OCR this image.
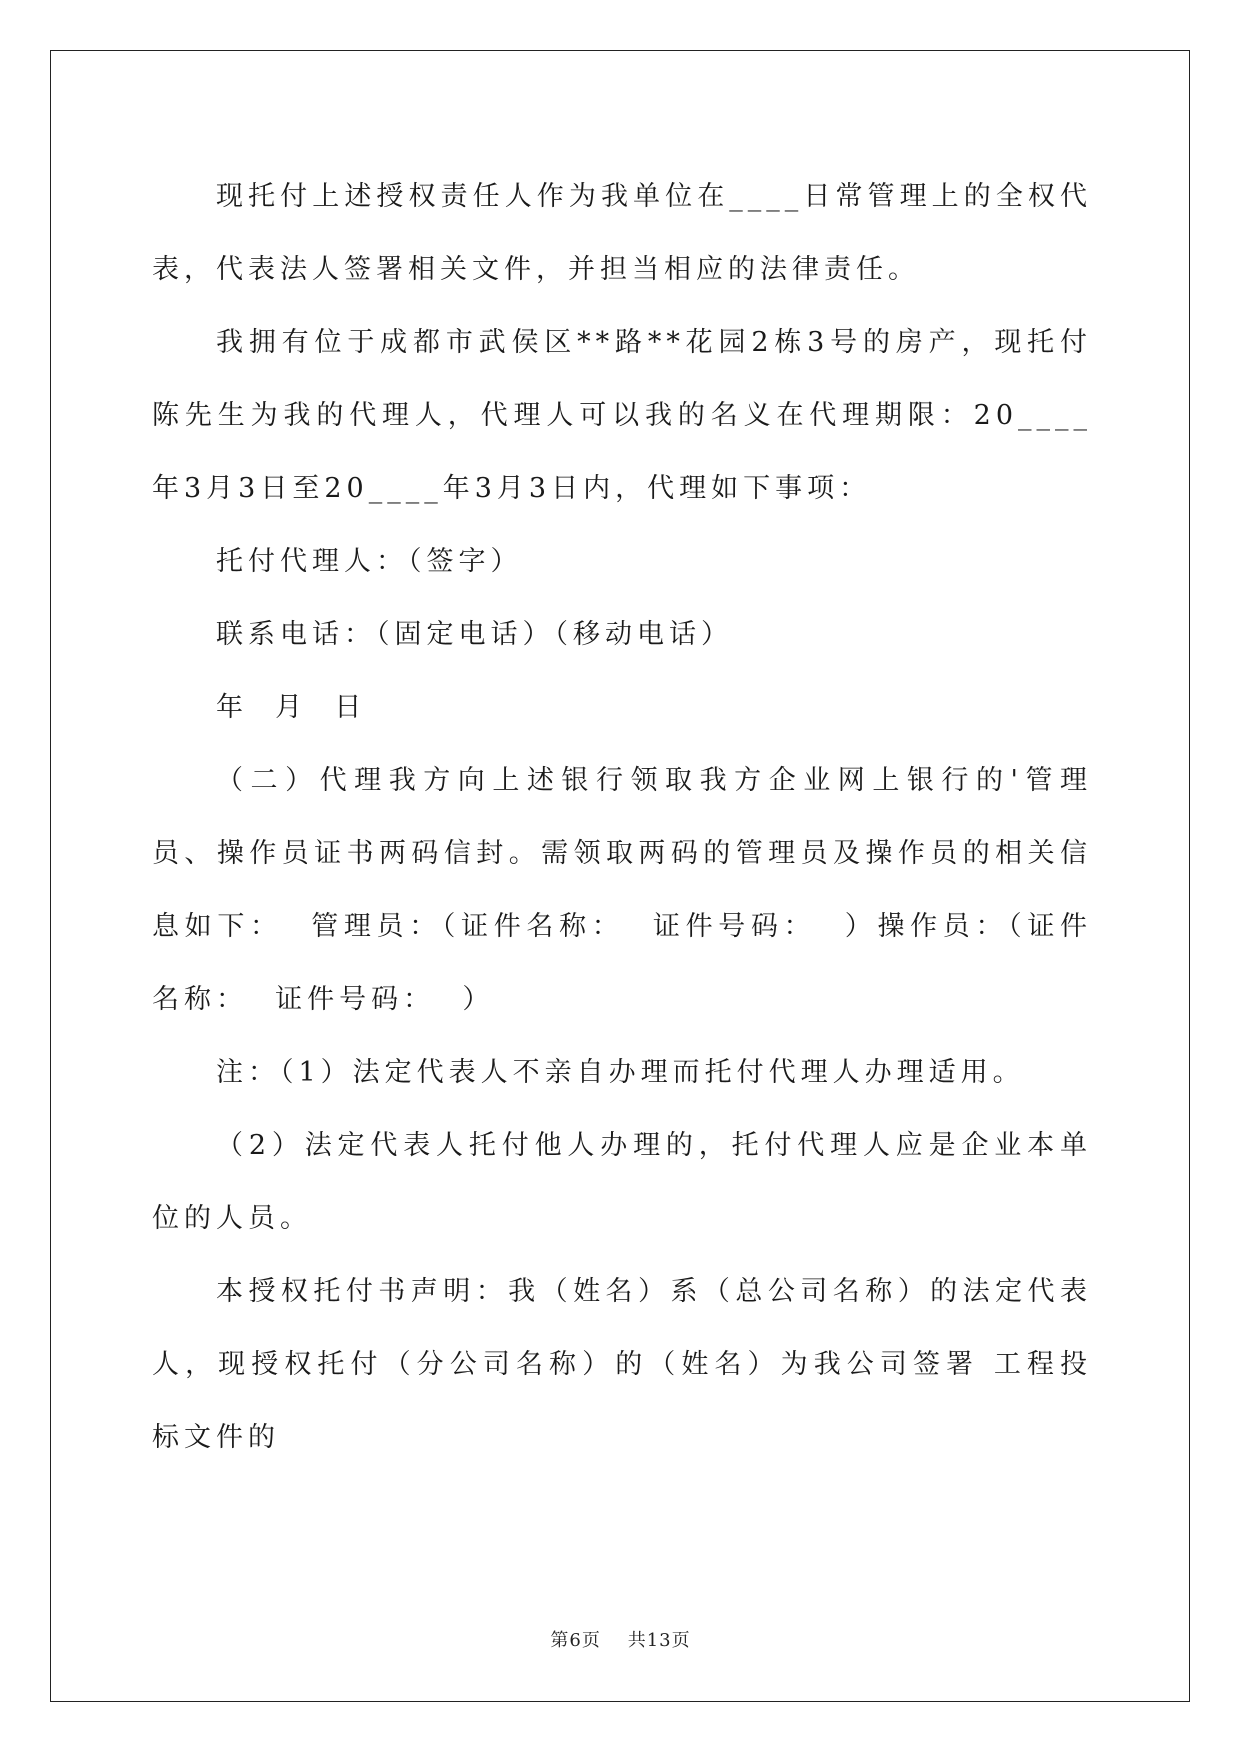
现托付上述授权责任人作为我单位在____日常管理上的全权代表，代表法人签署相关文件，并担当相应的法律责任。

我拥有位于成都市武侯区**路**花园2栋3号的房产，现托付陈先生为我的代理人，代理人可以我的名义在代理期限：20____年3月3日至20____年3月3日内，代理如下事项：

托付代理人：（签字）

联系电话：（固定电话）（移动电话）

年  月  日

（二）代理我方向上述银行领取我方企业网上银行的'管理员、操作员证书两码信封。需领取两码的管理员及操作员的相关信息如下：  管理员：（证件名称：  证件号码：  ）操作员：（证件名称：  证件号码：  ）

注：（1）法定代表人不亲自办理而托付代理人办理适用。

（2）法定代表人托付他人办理的，托付代理人应是企业本单位的人员。

本授权托付书声明：我（姓名）系（总公司名称）的法定代表人，现授权托付（分公司名称）的（姓名）为我公司签署 工程投标文件的

第6页    共13页
